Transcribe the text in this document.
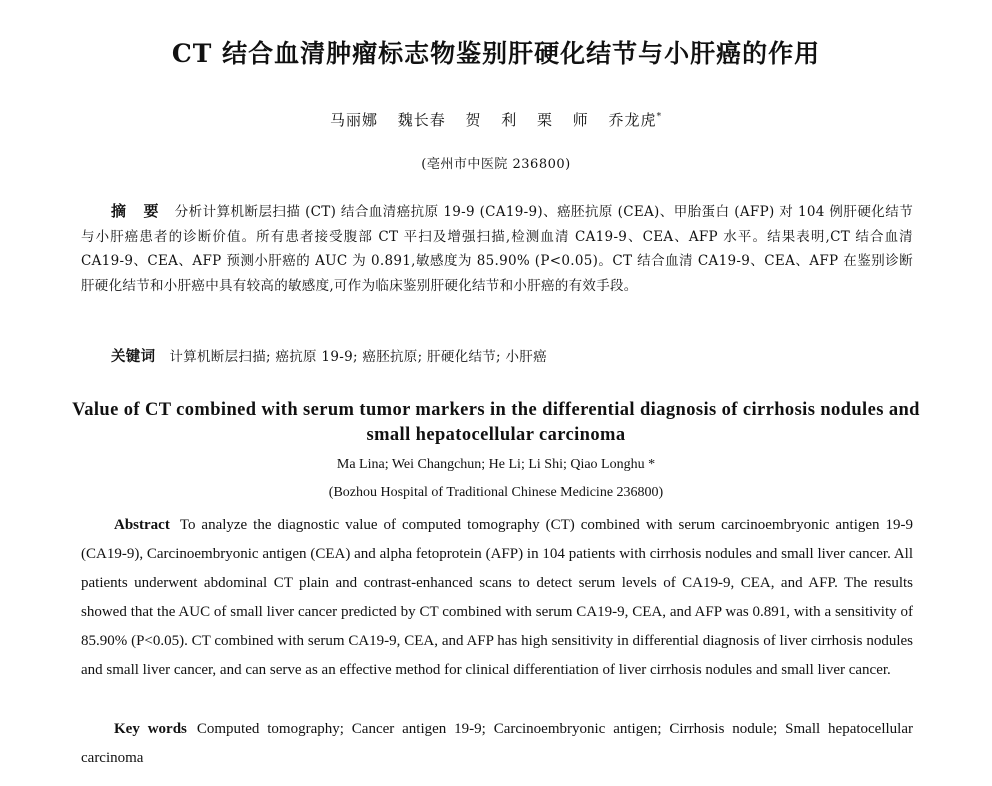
CT 结合血清肿瘤标志物鉴别肝硬化结节与小肝癌的作用
马丽娜 魏长春 贺 利 栗 师 乔龙虎*
(亳州市中医院 236800)

摘 要 分析计算机断层扫描 (CT) 结合血清癌抗原 19-9 (CA19-9)、癌胚抗原 (CEA)、甲胎蛋白 (AFP) 对 104 例肝硬化结节与小肝癌患者的诊断价值。所有患者接受腹部 CT 平扫及增强扫描,检测血清 CA19-9、CEA、AFP 水平。结果表明,CT 结合血清 CA19-9、CEA、AFP 预测小肝癌的 AUC 为 0.891,敏感度为 85.90% (P<0.05)。CT 结合血清 CA19-9、CEA、AFP 在鉴别诊断肝硬化结节和小肝癌中具有较高的敏感度,可作为临床鉴别肝硬化结节和小肝癌的有效手段。

关键词 计算机断层扫描; 癌抗原 19-9; 癌胚抗原; 肝硬化结节; 小肝癌

Value of CT combined with serum tumor markers in the differential diagnosis of cirrhosis nodules and small hepatocellular carcinoma

Ma Lina; Wei Changchun; He Li; Li Shi; Qiao Longhu *
(Bozhou Hospital of Traditional Chinese Medicine 236800)

Abstract To analyze the diagnostic value of computed tomography (CT) combined with serum carcinoembryonic antigen 19-9 (CA19-9), Carcinoembryonic antigen (CEA) and alpha fetoprotein (AFP) in 104 patients with cirrhosis nodules and small liver cancer. All patients underwent abdominal CT plain and contrast-enhanced scans to detect serum levels of CA19-9, CEA, and AFP. The results showed that the AUC of small liver cancer predicted by CT combined with serum CA19-9, CEA, and AFP was 0.891, with a sensitivity of 85.90% (P<0.05). CT combined with serum CA19-9, CEA, and AFP has high sensitivity in differential diagnosis of liver cirrhosis nodules and small liver cancer, and can serve as an effective method for clinical differentiation of liver cirrhosis nodules and small liver cancer.

Key words Computed tomography; Cancer antigen 19-9; Carcinoembryonic antigen; Cirrhosis nodule; Small hepatocellular carcinoma
